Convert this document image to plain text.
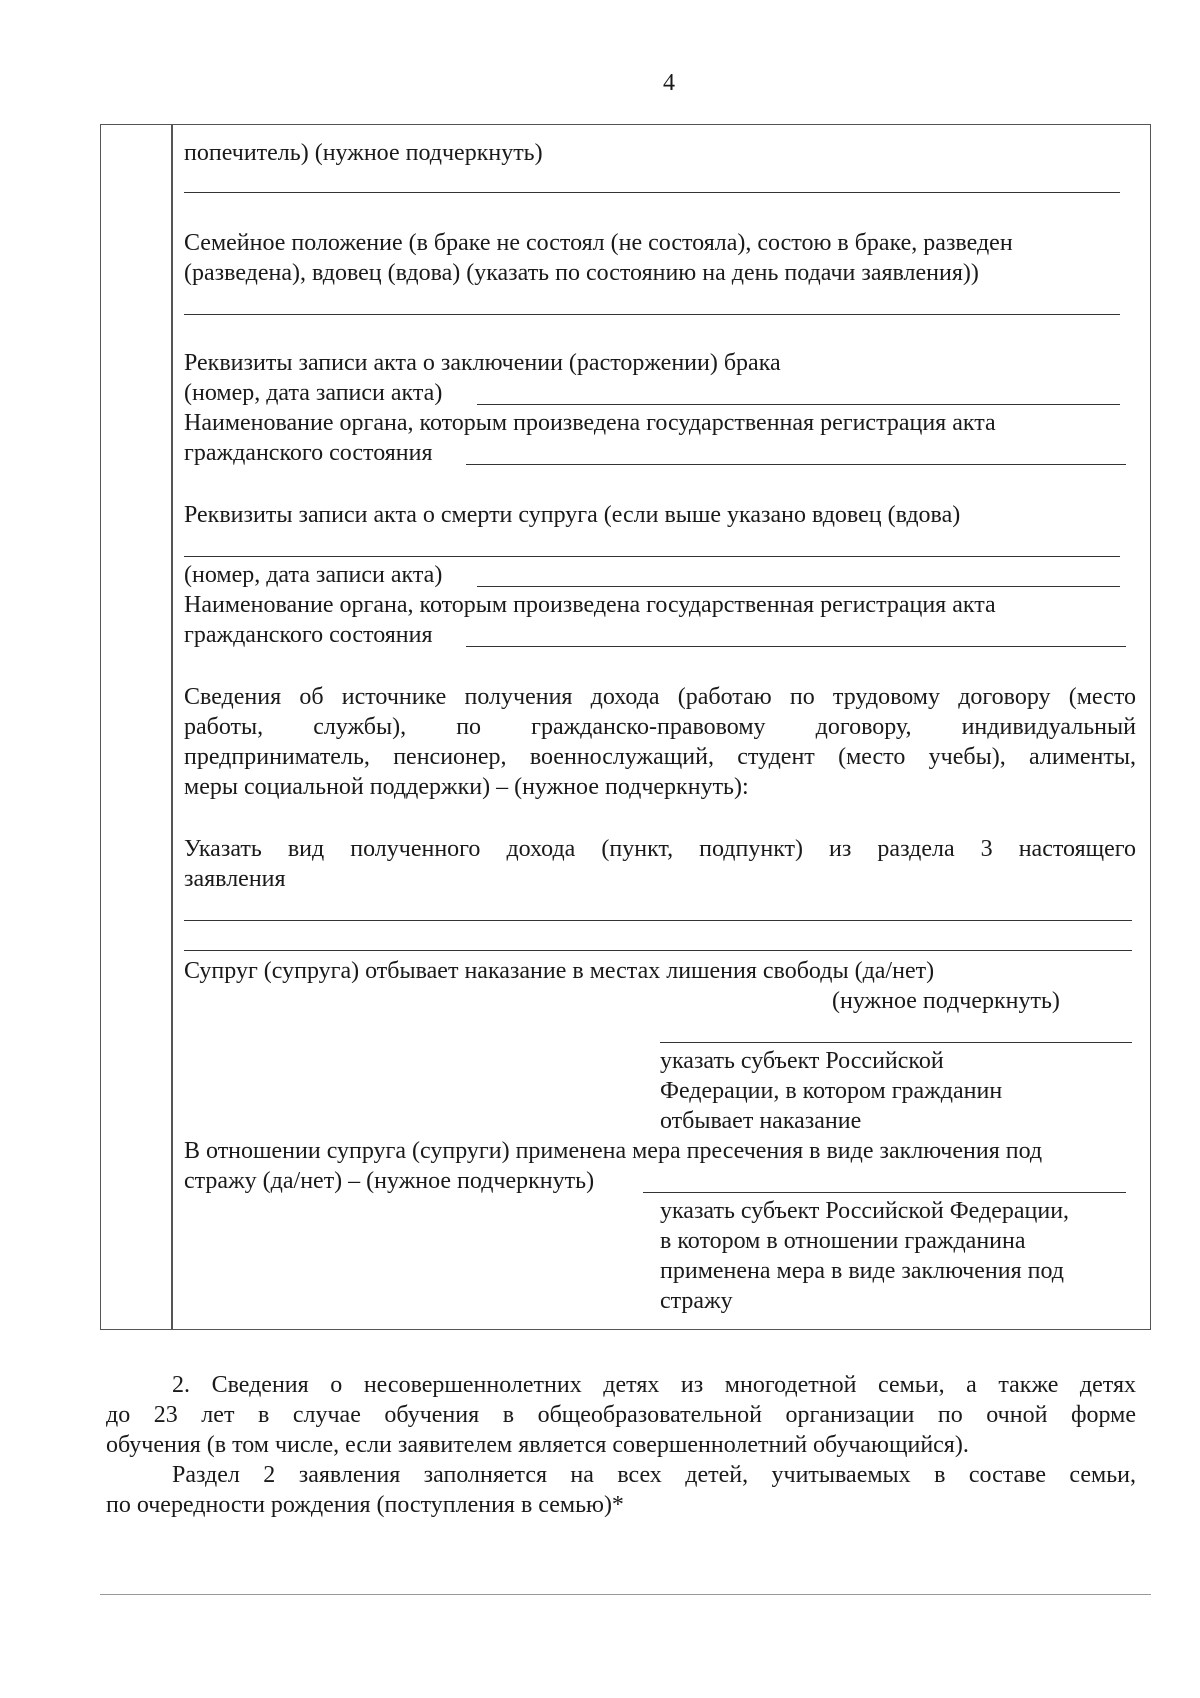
4
попечитель) (нужное подчеркнуть)
Семейное положение (в браке не состоял (не состояла), состою в браке, разведен
(разведена), вдовец (вдова) (указать по состоянию на день подачи заявления))
Реквизиты записи акта о заключении (расторжении) брака
(номер, дата записи акта)
Наименование органа, которым произведена государственная регистрация акта
гражданского состояния
Реквизиты записи акта о смерти супруга (если выше указано вдовец (вдова)
(номер, дата записи акта)
Наименование органа, которым произведена государственная регистрация акта
гражданского состояния
Сведения об источнике получения дохода (работаю по трудовому договору (место
работы, службы), по гражданско-правовому договору, индивидуальный
предприниматель, пенсионер, военнослужащий, студент (место учебы), алименты,
меры социальной поддержки) – (нужное подчеркнуть):
Указать вид полученного дохода (пункт, подпункт) из раздела 3 настоящего
заявления
Супруг (супруга) отбывает наказание в местах лишения свободы (да/нет)
(нужное подчеркнуть)
указать субъект Российской
Федерации, в котором гражданин
отбывает наказание
В отношении супруга (супруги) применена мера пресечения в виде заключения под
стражу (да/нет) – (нужное подчеркнуть)
указать субъект Российской Федерации,
в котором в отношении гражданина
применена мера в виде заключения под
стражу
2. Сведения о несовершеннолетних детях из многодетной семьи, а также детях
до 23 лет в случае обучения в общеобразовательной организации по очной форме
обучения (в том числе, если заявителем является совершеннолетний обучающийся).
Раздел 2 заявления заполняется на всех детей, учитываемых в составе семьи,
по очередности рождения (поступления в семью)*
